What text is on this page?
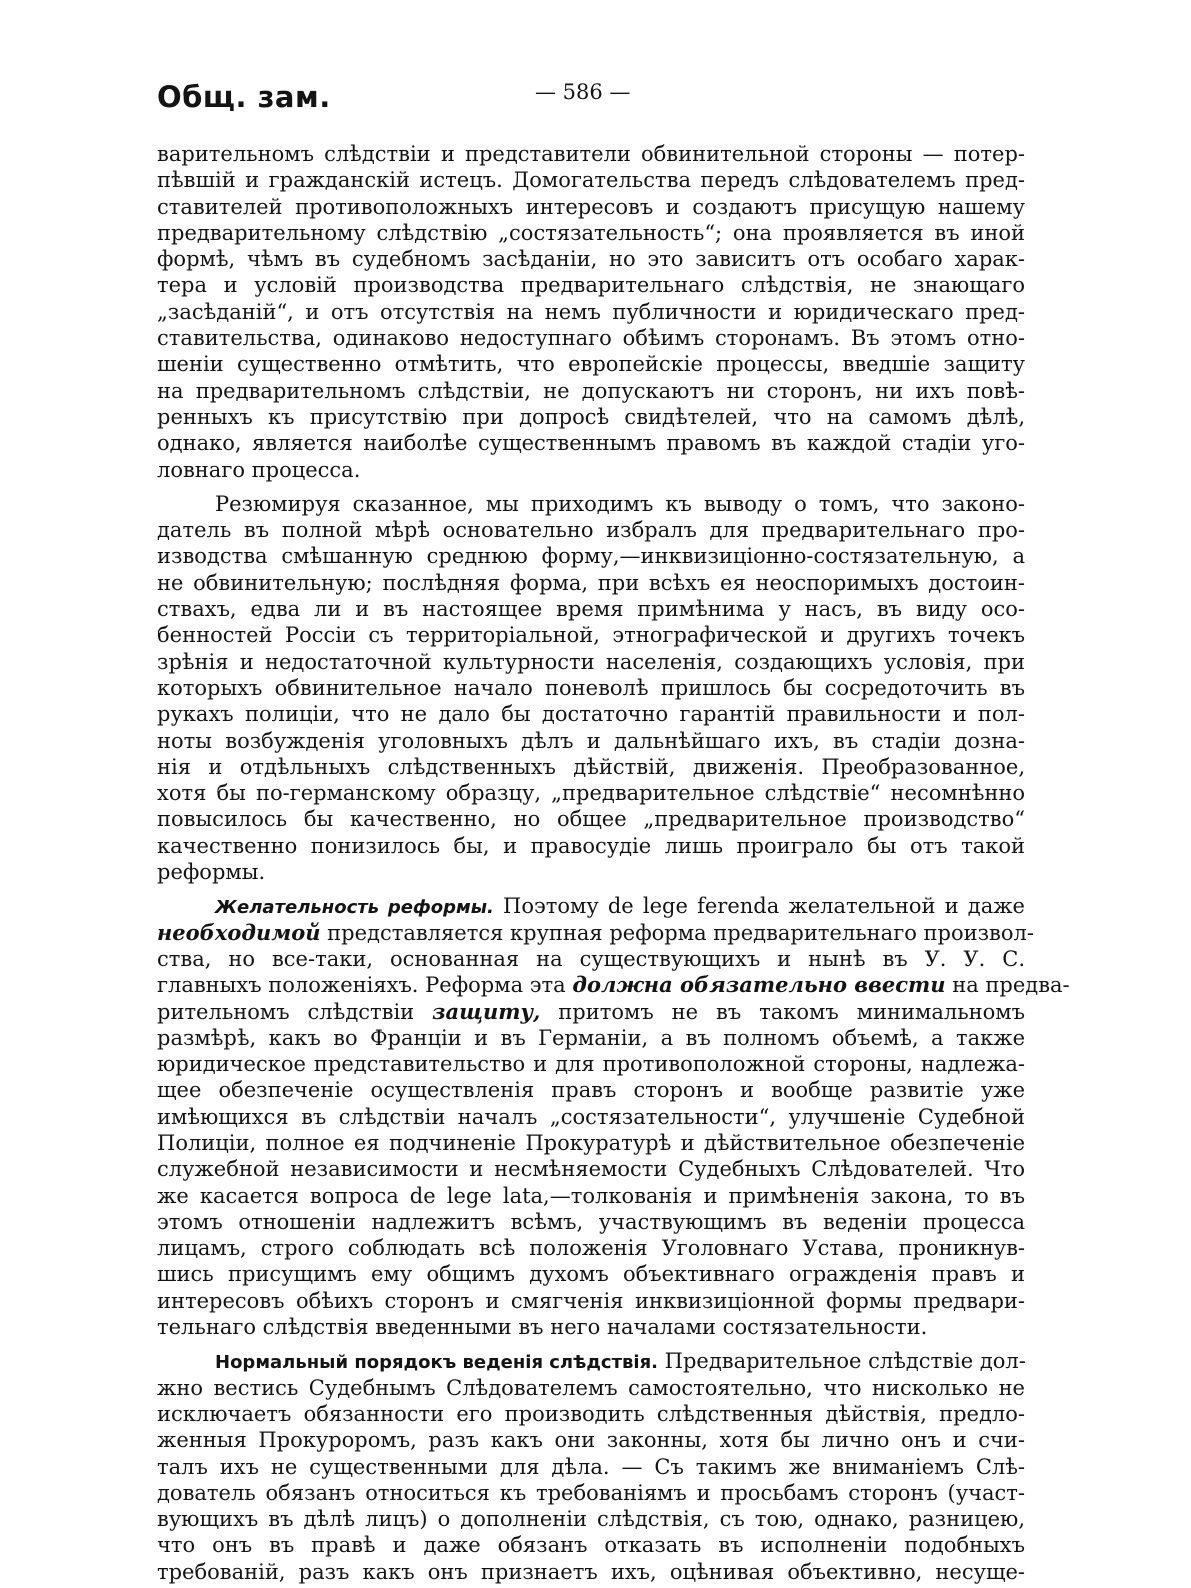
Общ. зам.	— 586 —
варительномъ слѣдствіи и представители обвинительной стороны — потер-
пѣвшій и гражданскій истецъ. Домогательства передъ слѣдователемъ пред-
ставителей противоположныхъ интересовъ и создаютъ присущую нашему
предварительному слѣдствію „состязательность“; она проявляется въ иной
формѣ, чѣмъ въ судебномъ засѣданіи, но это зависитъ отъ особаго харак-
тера и условій производства предварительнаго слѣдствія, не знающаго
„засѣданій“, и отъ отсутствія на немъ публичности и юридическаго пред-
ставительства, одинаково недоступнаго обѣимъ сторонамъ. Въ этомъ отно-
шеніи существенно отмѣтить, что европейскіе процессы, введшіе защиту
на предварительномъ слѣдствіи, не допускаютъ ни сторонъ, ни ихъ повѣ-
ренныхъ къ присутствію при допросѣ свидѣтелей, что на самомъ дѣлѣ,
однако, является наиболѣе существеннымъ правомъ въ каждой стадіи уго-
ловнаго процесса.
Резюмируя сказанное, мы приходимъ къ выводу о томъ, что законо-
датель въ полной мѣрѣ основательно избралъ для предварительнаго про-
изводства смѣшанную среднюю форму,—инквизиціонно-состязательную, а
не обвинительную; послѣдняя форма, при всѣхъ ея неоспоримыхъ достоин-
ствахъ, едва ли и въ настоящее время примѣнима у насъ, въ виду осо-
бенностей Россіи съ территоріальной, этнографической и другихъ точекъ
зрѣнія и недостаточной культурности населенія, создающихъ условія, при
которыхъ обвинительное начало поневолѣ пришлось бы сосредоточить въ
рукахъ полиціи, что не дало бы достаточно гарантій правильности и пол-
ноты возбужденія уголовныхъ дѣлъ и дальнѣйшаго ихъ, въ стадіи дозна-
нія и отдѣльныхъ слѣдственныхъ дѣйствій, движенія. Преобразованное,
хотя бы по-германскому образцу, „предварительное слѣдствіе“ несомнѣнно
повысилось бы качественно, но общее „предварительное производство“
качественно понизилось бы, и правосудіе лишь проиграло бы отъ такой
реформы.
Желательность реформы. Поэтому de lege ferenda желательной и даже
необходимой представляется крупная реформа предварительнаго произвол-
ства, но все-таки, основанная на существующихъ и нынѣ въ У. У. С.
главныхъ положеніяхъ. Реформа эта должна обязательно ввести на предва-
рительномъ слѣдствіи защиту, притомъ не въ такомъ минимальномъ
размѣрѣ, какъ во Франціи и въ Германіи, а въ полномъ объемѣ, а также
юридическое представительство и для противоположной стороны, надлежа-
щее обезпеченіе осуществленія правъ сторонъ и вообще развитіе уже
имѣющихся въ слѣдствіи началъ „состязательности“, улучшеніе Судебной
Полиціи, полное ея подчиненіе Прокуратурѣ и дѣйствительное обезпеченіе
служебной независимости и несмѣняемости Судебныхъ Слѣдователей. Что
же касается вопроса de lege lata,—толкованія и примѣненія закона, то въ
этомъ отношеніи надлежитъ всѣмъ, участвующимъ въ веденіи процесса
лицамъ, строго соблюдать всѣ положенія Уголовнаго Устава, проникнув-
шись присущимъ ему общимъ духомъ объективнаго огражденія правъ и
интересовъ обѣихъ сторонъ и смягченія инквизиціонной формы предвари-
тельнаго слѣдствія введенными въ него началами состязательности.
Нормальный порядокъ веденія слѣдствія. Предварительное слѣдствіе дол-
жно вестись Судебнымъ Слѣдователемъ самостоятельно, что нисколько не
исключаетъ обязанности его производить слѣдственныя дѣйствія, предло-
женныя Прокуроромъ, разъ какъ они законны, хотя бы лично онъ и счи-
талъ ихъ не существенными для дѣла. — Съ такимъ же вниманіемъ Слѣ-
дователь обязанъ относиться къ требованіямъ и просьбамъ сторонъ (участ-
вующихъ въ дѣлѣ лицъ) о дополненіи слѣдствія, съ тою, однако, разницею,
что онъ въ правѣ и даже обязанъ отказать въ исполненіи подобныхъ
требованій, разъ какъ онъ признаетъ ихъ, оцѣнивая объективно, несуще-
